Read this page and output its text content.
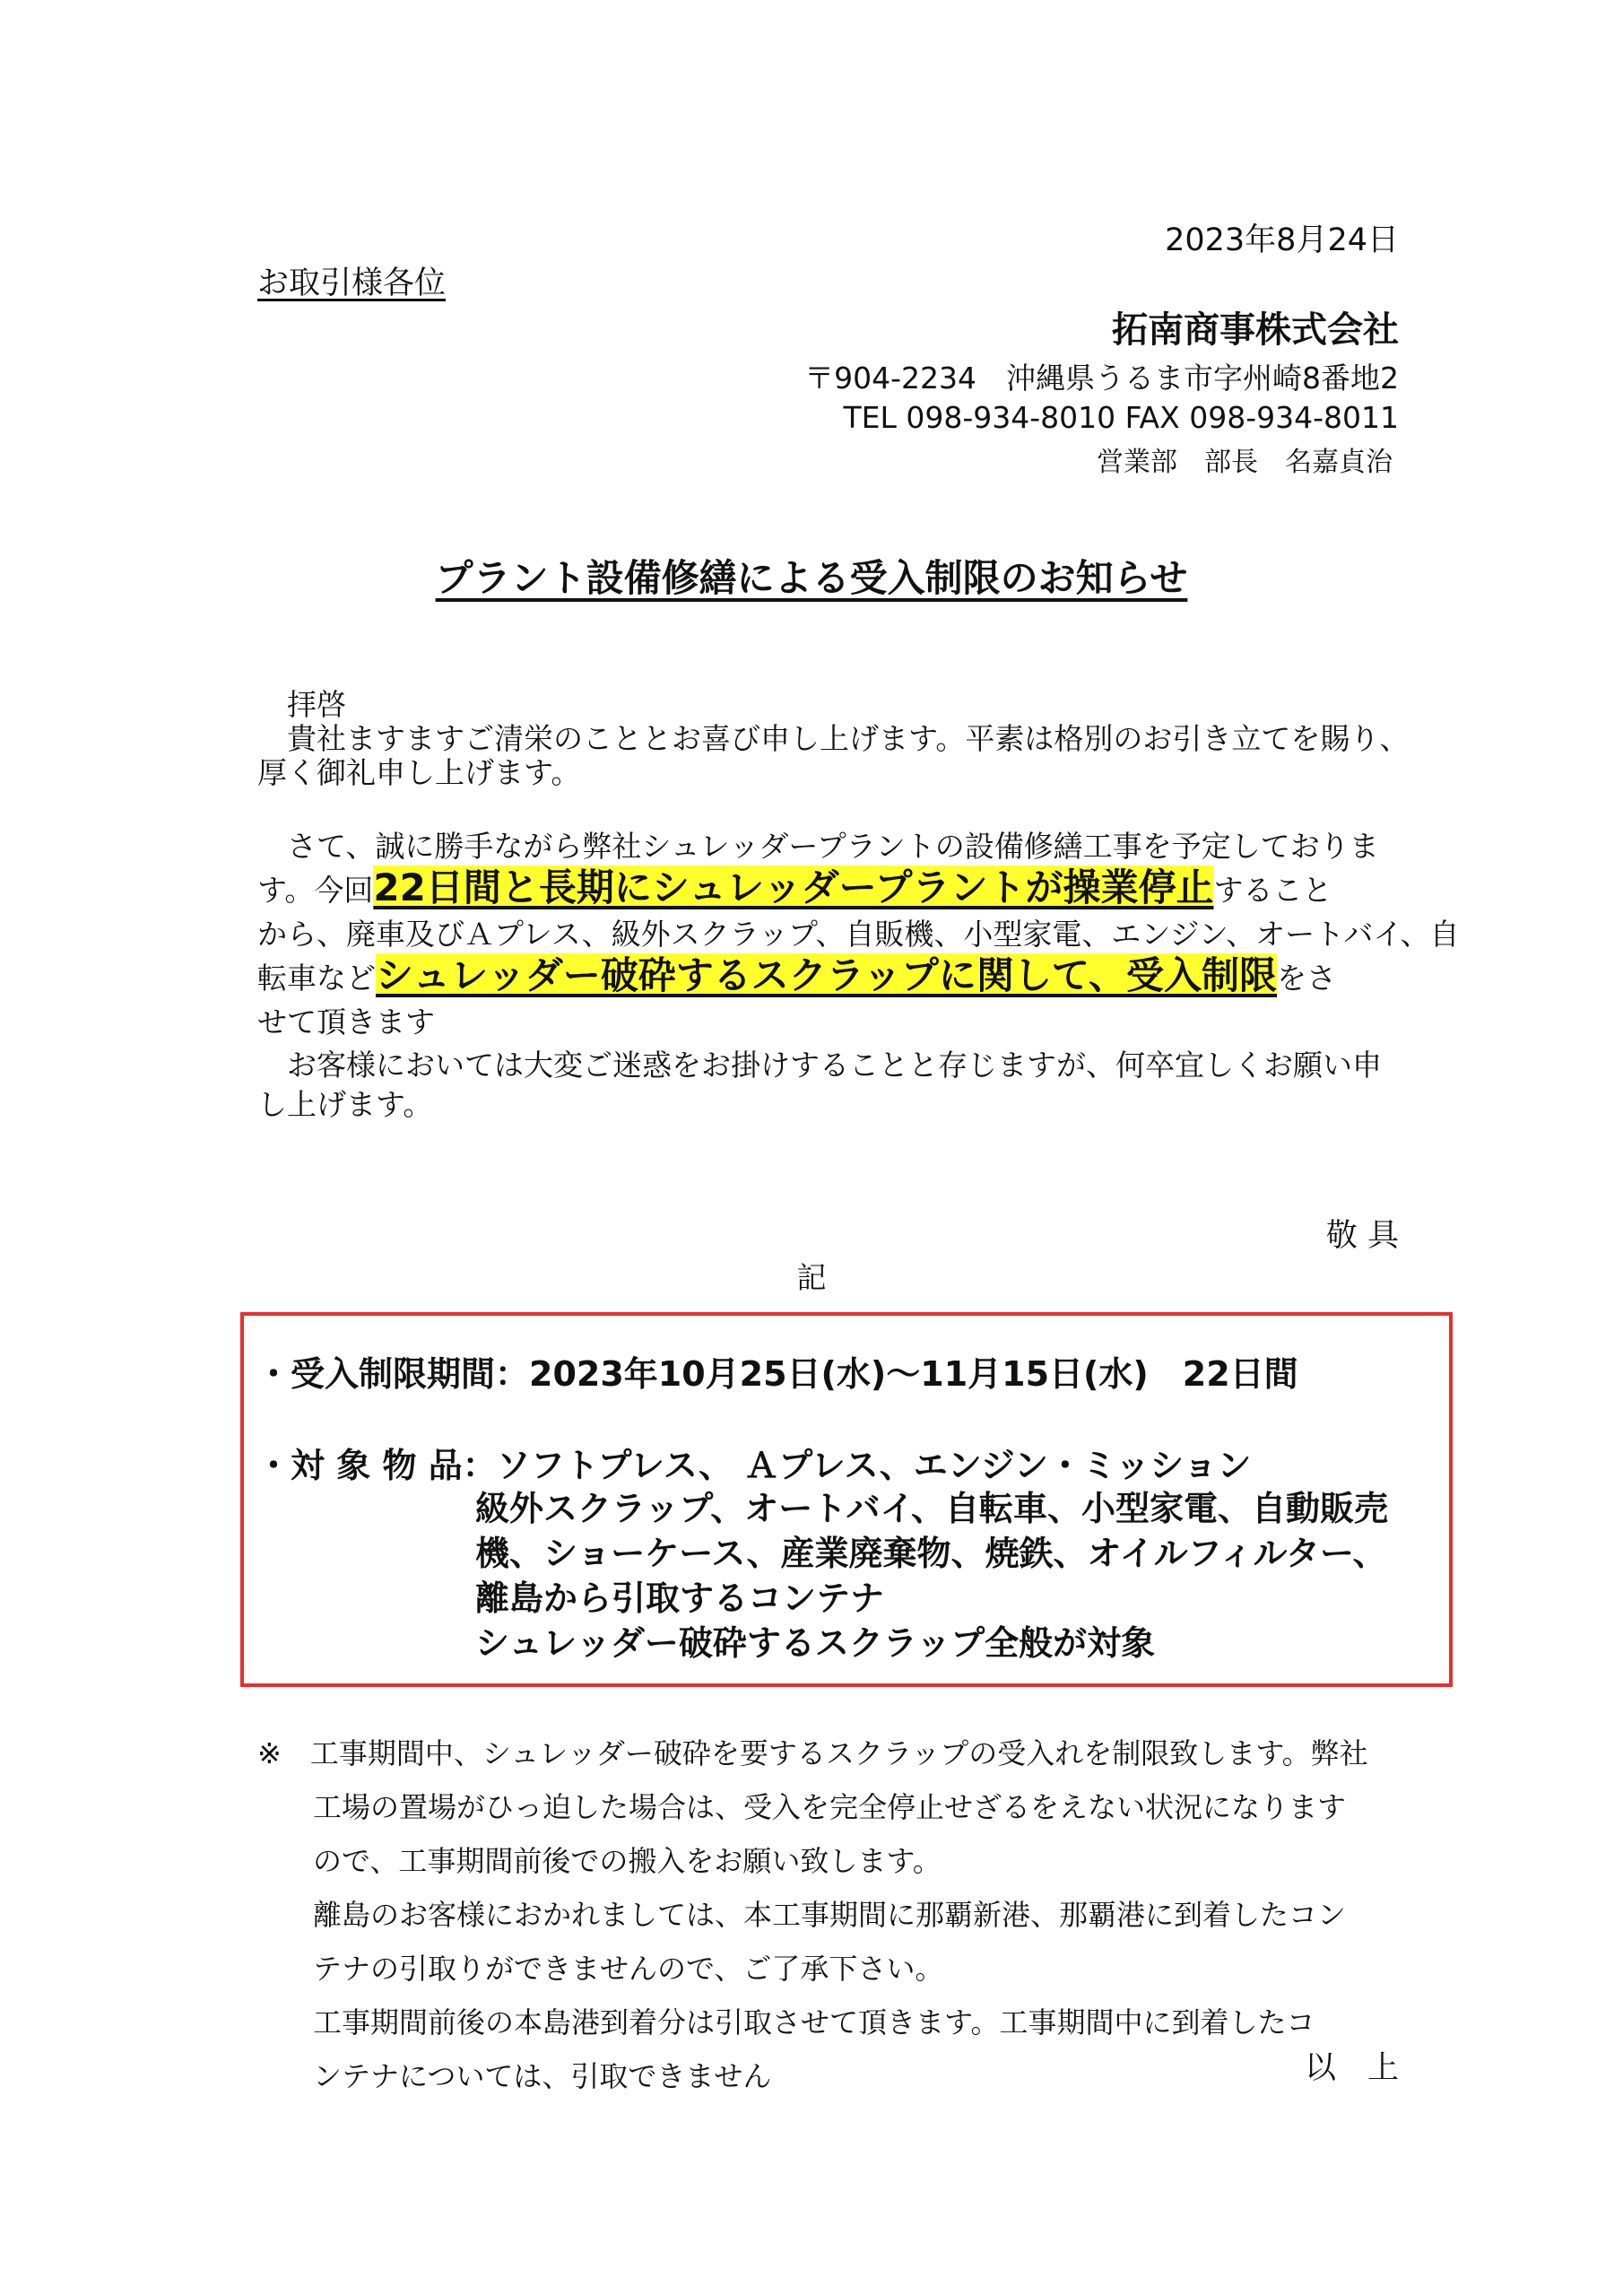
2023年8月24日
お取引様各位
拓南商事株式会社
〒904-2234　沖縄県うるま市字州崎8番地2
TEL 098-934-8010 FAX 098-934-8011
営業部　部長　名嘉貞治
プラント設備修繕による受入制限のお知らせ
拝啓
貴社ますますご清栄のこととお喜び申し上げます。平素は格別のお引き立てを賜り、
厚く御礼申し上げます。
さて、誠に勝手ながら弊社シュレッダープラントの設備修繕工事を予定しておりま
す。今回22日間と長期にシュレッダープラントが操業停止すること
から、廃車及びＡプレス、級外スクラップ、自販機、小型家電、エンジン、オートバイ、自
転車などシュレッダー破砕するスクラップに関して、受入制限をさ
せて頂きます
お客様においては大変ご迷惑をお掛けすることと存じますが、何卒宜しくお願い申
し上げます。
敬 具
記
・受入制限期間：2023年10月25日(水)～11月15日(水)　22日間
・対 象 物 品：ソフトプレス、 Ａプレス、エンジン・ミッション
級外スクラップ、オートバイ、自転車、小型家電、自動販売
機、ショーケース、産業廃棄物、焼鉄、オイルフィルター、
離島から引取するコンテナ
シュレッダー破砕するスクラップ全般が対象
※　工事期間中、シュレッダー破砕を要するスクラップの受入れを制限致します。弊社
工場の置場がひっ迫した場合は、受入を完全停止せざるをえない状況になります
ので、工事期間前後での搬入をお願い致します。
離島のお客様におかれましては、本工事期間に那覇新港、那覇港に到着したコン
テナの引取りができませんので、ご了承下さい。
工事期間前後の本島港到着分は引取させて頂きます。工事期間中に到着したコ
ンテナについては、引取できません	以　上
